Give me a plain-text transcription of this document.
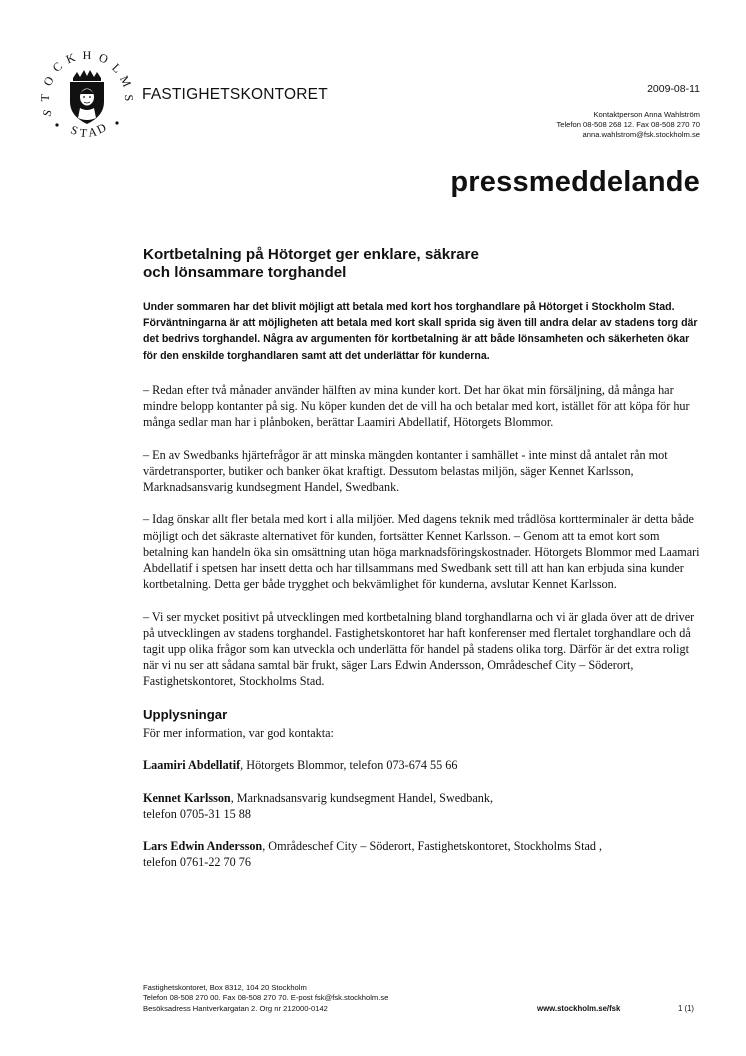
S
T
O
C
K H O
L
M
S
S T A
D
FASTIGHETSKONTORET	2009-08-11
Kontaktperson Anna Wahlström
Telefon 08-508 268 12. Fax 08-508 270 70
anna.wahlstrom@fsk.stockholm.se
pressmeddelande
Kortbetalning på Hötorget ger enklare, säkrare
och lönsammare torghandel

Under sommaren har det blivit möjligt att betala med kort hos torghandlare på Hötorget i Stockholm Stad. Förväntningarna är att möjligheten att betala med kort skall sprida sig även till andra delar av stadens torg där det bedrivs torghandel. Några av argumenten för kortbetalning är att både lönsamheten och säkerheten ökar för den enskilde torghandlaren samt att det underlättar för kunderna.

– Redan efter två månader använder hälften av mina kunder kort. Det har ökat min försäljning, då många har mindre belopp kontanter på sig. Nu köper kunden det de vill ha och betalar med kort, istället för att köpa för hur många sedlar man har i plånboken, berättar Laamiri Abdellatif, Hötorgets Blommor.

– En av Swedbanks hjärtefrågor är att minska mängden kontanter i samhället - inte minst då antalet rån mot värdetransporter, butiker och banker ökat kraftigt. Dessutom belastas miljön, säger Kennet Karlsson, Marknadsansvarig kundsegment Handel, Swedbank.

– Idag önskar allt fler betala med kort i alla miljöer. Med dagens teknik med trådlösa kortterminaler är detta både möjligt och det säkraste alternativet för kunden, fortsätter Kennet Karlsson. – Genom att ta emot kort som betalning kan handeln öka sin omsättning utan höga marknadsföringskostnader. Hötorgets Blommor med Laamari Abdellatif i spetsen har insett detta och har tillsammans med Swedbank sett till att han kan erbjuda sina kunder kortbetalning. Detta ger både trygghet och bekvämlighet för kunderna, avslutar Kennet Karlsson.

– Vi ser mycket positivt på utvecklingen med kortbetalning bland torghandlarna och vi är glada över att de driver på utvecklingen av stadens torghandel. Fastighetskontoret har haft konferenser med flertalet torghandlare och då tagit upp olika frågor som kan utveckla och underlätta för handel på stadens olika torg. Därför är det extra roligt när vi nu ser att sådana samtal bär frukt, säger Lars Edwin Andersson, Områdeschef City – Söderort, Fastighetskontoret, Stockholms Stad.

Upplysningar

För mer information, var god kontakta:

Laamiri Abdellatif, Hötorgets Blommor, telefon 073-674 55 66

Kennet Karlsson, Marknadsansvarig kundsegment Handel, Swedbank,
telefon 0705-31 15 88

Lars Edwin Andersson, Områdeschef City – Söderort, Fastighetskontoret, Stockholms Stad ,
telefon 0761-22 70 76

Fastighetskontoret, Box 8312, 104 20 Stockholm
Telefon 08-508 270 00. Fax 08-508 270 70. E-post fsk@fsk.stockholm.se
Besöksadress Hantverkargatan 2. Org nr 212000-0142	www.stockholm.se/fsk	1 (1)
